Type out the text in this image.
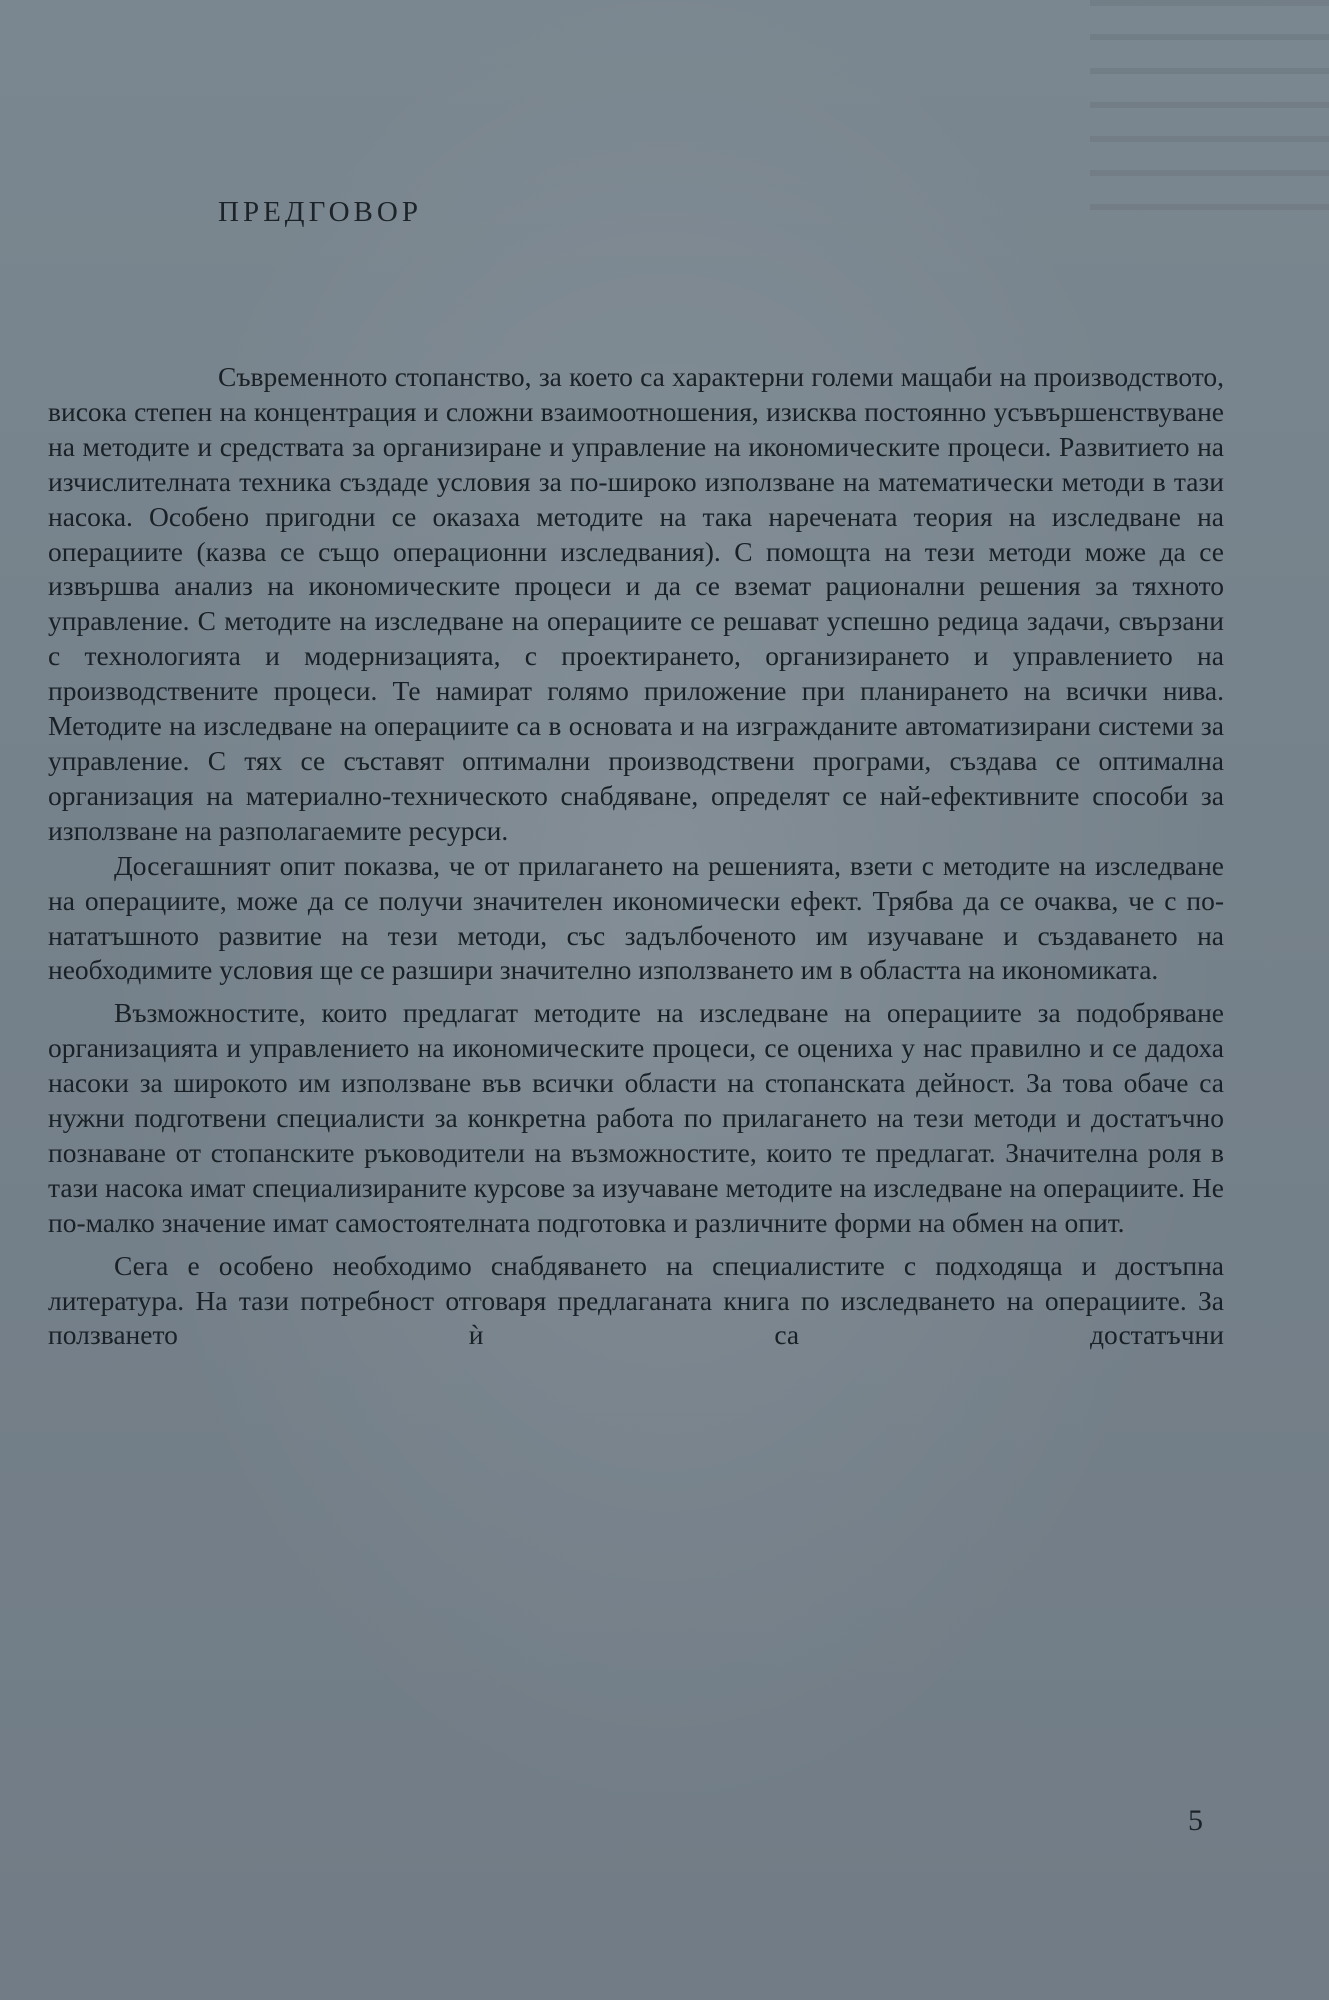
ПРЕДГОВОР

Съвременното стопанство, за което са характерни големи мащаби на производството, висока степен на концентрация и сложни взаимоотношения, изисква постоянно усъвършенствуване на методите и средствата за организиране и управление на икономическите процеси. Развитието на изчислителната техника създаде условия за по-широко използване на математически методи в тази насока. Особено пригодни се оказаха методите на така наречената теория на изследване на операциите (казва се също операционни изследвания). С помощта на тези методи може да се извършва анализ на икономическите процеси и да се вземат рационални решения за тяхното управление. С методите на изследване на операциите се решават успешно редица задачи, свързани с технологията и модернизацията, с проектирането, организирането и управлението на производствените процеси. Те намират голямо приложение при планирането на всички нива. Методите на изследване на операциите са в основата и на изгражданите автоматизирани системи за управление. С тях се съставят оптимални производствени програми, създава се оптимална организация на материално-техническото снабдяване, определят се най-ефективните способи за използване на разполагаемите ресурси.

Досегашният опит показва, че от прилагането на решенията, взети с методите на изследване на операциите, може да се получи значителен икономически ефект. Трябва да се очаква, че с по-нататъшното развитие на тези методи, със задълбоченото им изучаване и създаването на необходимите условия ще се разшири значително използването им в областта на икономиката.

Възможностите, които предлагат методите на изследване на операциите за подобряване организацията и управлението на икономическите процеси, се оцениха у нас правилно и се дадоха насоки за широкото им използване във всички области на стопанската дейност. За това обаче са нужни подготвени специалисти за конкретна работа по прилагането на тези методи и достатъчно познаване от стопанските ръководители на възможностите, които те предлагат. Значителна роля в тази насока имат специализираните курсове за изучаване методите на изследване на операциите. Не по-малко значение имат самостоятелната подготовка и различните форми на обмен на опит.

Сега е особено необходимо снабдяването на специалистите с подходяща и достъпна литература. На тази потребност отговаря предлаганата книга по изследването на операциите. За ползването ѝ са достатъчни

5
